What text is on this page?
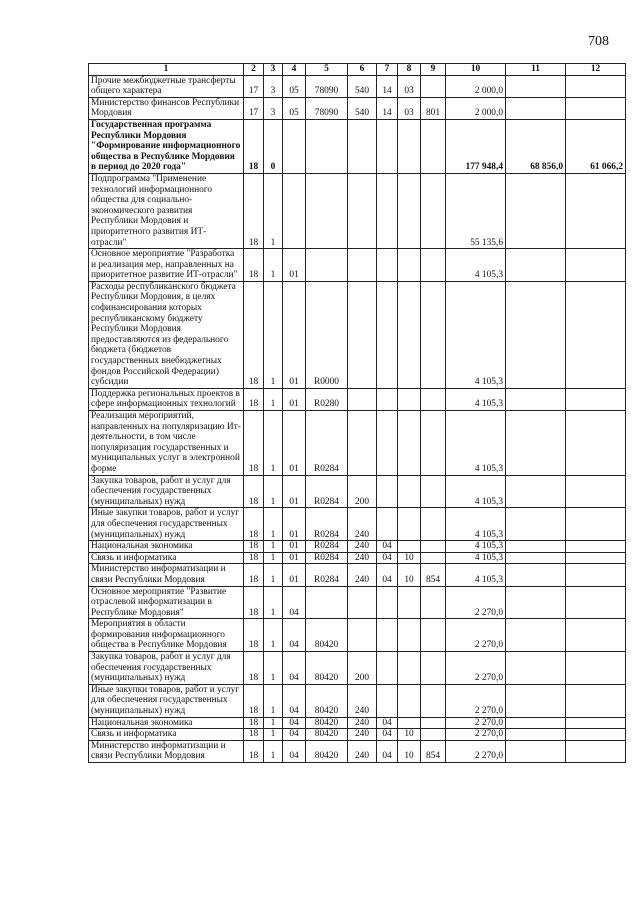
708
1	2	3	4	5	6	7	8	9	10	11	12
Прочие межбюджетные трансферты общего характера	17	3	05	78090	540	14	03		2 000,0		
Министерство финансов Республики Мордовия	17	3	05	78090	540	14	03	801	2 000,0		
Государственная программа Республики Мордовия "Формирование информационного общества в Республике Мордовия в период до 2020 года"	18	0							177 948,4	68 856,0	61 066,2
Подпрограмма "Применение технологий информационного общества для социально-экономического развития Республики Мордовия и приоритетного развития ИТ-отрасли"	18	1							55 135,6		
Основное мероприятие "Разработка и реализация мер, направленных на приоритетное развитие ИТ-отрасли"	18	1	01						4 105,3		
Расходы республиканского бюджета Республики Мордовия, в целях софинансирования которых республиканскому бюджету Республики Мордовия предоставляются из федерального бюджета (бюджетов государственных внебюджетных фондов Российской Федерации) субсидии	18	1	01	R0000					4 105,3		
Поддержка региональных проектов в сфере информационных технологий	18	1	01	R0280					4 105,3		
Реализация мероприятий, направленных на популяризацию Ит-деятельности, в том числе популяризация государственных и муниципальных услуг в электронной форме	18	1	01	R0284					4 105,3		
Закупка товаров, работ и услуг для обеспечения государственных (муниципальных) нужд	18	1	01	R0284	200				4 105,3		
Иные закупки товаров, работ и услуг для обеспечения государственных (муниципальных) нужд	18	1	01	R0284	240				4 105,3		
Национальная экономика	18	1	01	R0284	240	04			4 105,3		
Связь и информатика	18	1	01	R0284	240	04	10		4 105,3		
Министерство информатизации и связи Республики Мордовия	18	1	01	R0284	240	04	10	854	4 105,3		
Основное мероприятие "Развитие отраслевой информатизации в Республике Мордовия"	18	1	04						2 270,0		
Мероприятия в области формирования информационного общества в Республике Мордовия	18	1	04	80420					2 270,0		
Закупка товаров, работ и услуг для обеспечения государственных (муниципальных) нужд	18	1	04	80420	200				2 270,0		
Иные закупки товаров, работ и услуг для обеспечения государственных (муниципальных) нужд	18	1	04	80420	240				2 270,0		
Национальная экономика	18	1	04	80420	240	04			2 270,0		
Связь и информатика	18	1	04	80420	240	04	10		2 270,0		
Министерство информатизации и связи Республики Мордовия	18	1	04	80420	240	04	10	854	2 270,0		
